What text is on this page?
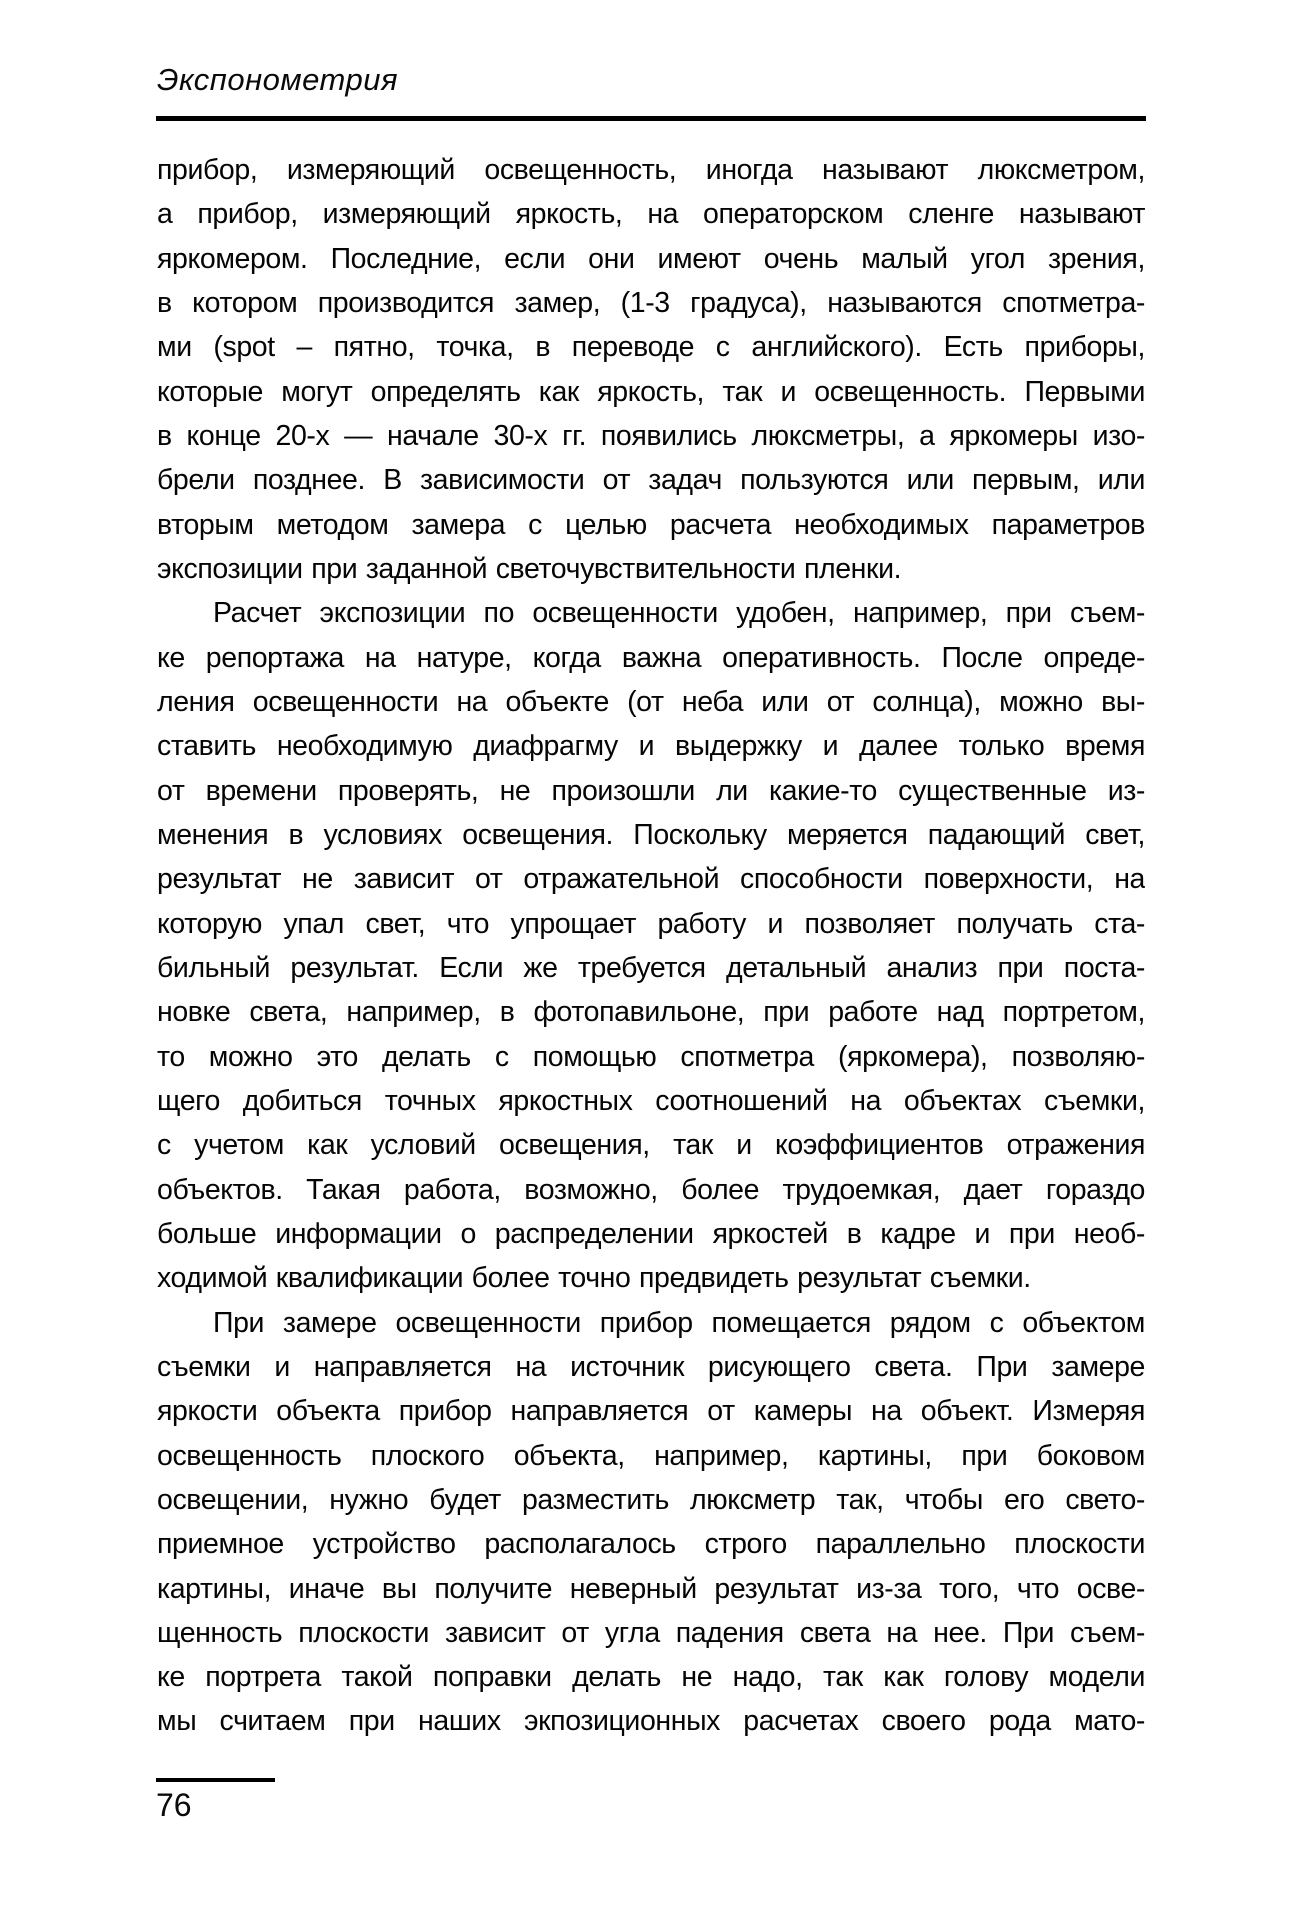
Экспонометрия
прибор, измеряющий освещенность, иногда называют люксметром,
а прибор, измеряющий яркость, на операторском сленге называют
яркомером. Последние, если они имеют очень малый угол зрения,
в котором производится замер, (1-3 градуса), называются спотметра-
ми (spot – пятно, точка, в переводе с английского). Есть приборы,
которые могут определять как яркость, так и освещенность. Первыми
в конце 20-х — начале 30-х гг. появились люксметры, а яркомеры изо-
брели позднее. В зависимости от задач пользуются или первым, или
вторым методом замера с целью расчета необходимых параметров
экспозиции при заданной светочувствительности пленки.
Расчет экспозиции по освещенности удобен, например, при съем-
ке репортажа на натуре, когда важна оперативность. После опреде-
ления освещенности на объекте (от неба или от солнца), можно вы-
ставить необходимую диафрагму и выдержку и далее только время
от времени проверять, не произошли ли какие-то существенные из-
менения в условиях освещения. Поскольку меряется падающий свет,
результат не зависит от отражательной способности поверхности, на
которую упал свет, что упрощает работу и позволяет получать ста-
бильный результат. Если же требуется детальный анализ при поста-
новке света, например, в фотопавильоне, при работе над портретом,
то можно это делать с помощью спотметра (яркомера), позволяю-
щего добиться точных яркостных соотношений на объектах съемки,
с учетом как условий освещения, так и коэффициентов отражения
объектов. Такая работа, возможно, более трудоемкая, дает гораздо
больше информации о распределении яркостей в кадре и при необ-
ходимой квалификации более точно предвидеть результат съемки.
При замере освещенности прибор помещается рядом с объектом
съемки и направляется на источник рисующего света. При замере
яркости объекта прибор направляется от камеры на объект. Измеряя
освещенность плоского объекта, например, картины, при боковом
освещении, нужно будет разместить люксметр так, чтобы его свето-
приемное устройство располагалось строго параллельно плоскости
картины, иначе вы получите неверный результат из-за того, что осве-
щенность плоскости зависит от угла падения света на нее. При съем-
ке портрета такой поправки делать не надо, так как голову модели
мы считаем при наших экпозиционных расчетах своего рода мато-
76
